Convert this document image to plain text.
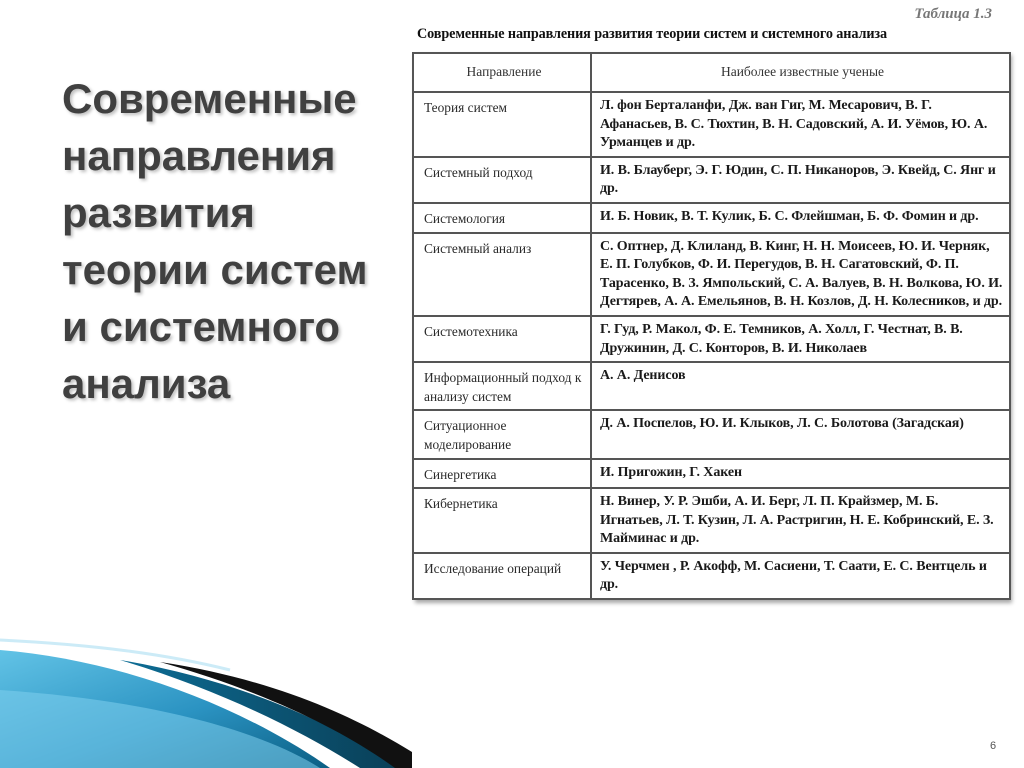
Современные направления развития теории систем и системного анализа
Таблица 1.3
Современные направления развития теории систем и системного анализа
Направление	Наиболее известные ученые
Теория систем	Л. фон Берталанфи, Дж. ван Гиг, М. Месарович, В. Г. Афанасьев, В. С. Тюхтин, В. Н. Садовский, А. И. Уёмов, Ю. А. Урманцев и др.
Системный подход	И. В. Блауберг, Э. Г. Юдин, С. П. Никаноров, Э. Квейд, С. Янг и др.
Системология	И. Б. Новик, В. Т. Кулик, Б. С. Флейшман, Б. Ф. Фомин и др.
Системный анализ	С. Оптнер, Д. Клиланд, В. Кинг, Н. Н. Моисеев, Ю. И. Черняк, Е. П. Голубков, Ф. И. Перегудов, В. Н. Сагатовский, Ф. П. Тарасенко, В. З. Ямпольский, С. А. Валуев, В. Н. Волкова, Ю. И. Дегтярев, А. А. Емельянов, В. Н. Козлов, Д. Н. Колесников, и др.
Системотехника	Г. Гуд, Р. Макол, Ф. Е. Темников, А. Холл, Г. Честнат, В. В. Дружинин, Д. С. Конторов, В. И. Николаев
Информационный подход к анализу систем	А. А. Денисов
Ситуационное моделирование	Д. А. Поспелов, Ю. И. Клыков, Л. С. Болотова (Загадская)
Синергетика	И. Пригожин, Г. Хакен
Кибернетика	Н. Винер, У. Р. Эшби, А. И. Берг, Л. П. Крайзмер, М. Б. Игнатьев, Л. Т. Кузин, Л. А. Растригин, Н. Е. Кобринский, Е. З. Майминас и др.
Исследование операций	У. Черчмен , Р. Акофф, М. Сасиени, Т. Саати, Е. С. Вентцель и др.
6
